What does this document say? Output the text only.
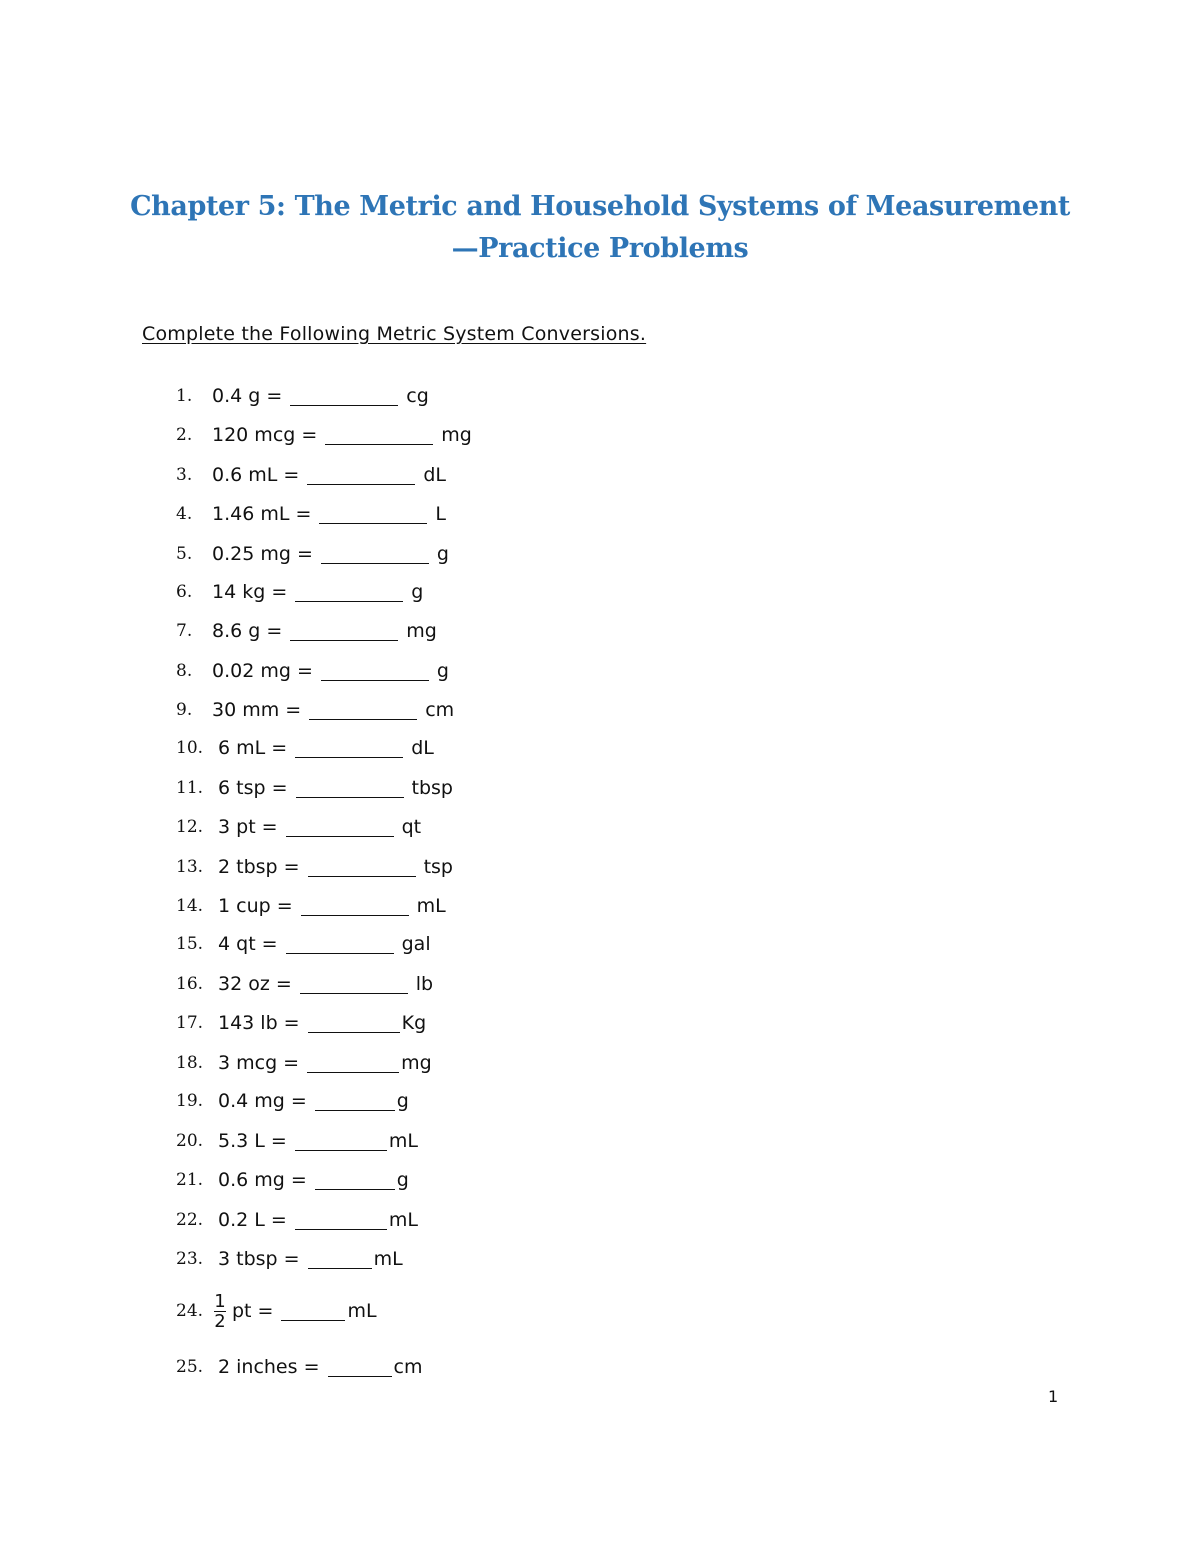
Chapter 5: The Metric and Household Systems of Measurement
—Practice Problems
Complete the Following Metric System Conversions.
1.	0.4 g =	cg
2.	120 mcg =	mg
3.	0.6 mL =	dL
4.	1.46 mL =	L
5.	0.25 mg =	g
6.	14 kg =	g
7.	8.6 g =	mg
8.	0.02 mg =	g
9.	30 mm =	cm
10. 6 mL =	dL
11. 6 tsp =	tbsp
12. 3 pt =	qt
13. 2 tbsp =	tsp
14. 1 cup =	mL
15. 4 qt =	gal
16. 32 oz =	lb
17. 143 lb =	Kg
18. 3 mcg =	mg
19. 0.4 mg =	g
20. 5.3 L =	mL
21. 0.6 mg =	g
22. 0.2 L =	mL
23. 3 tbsp =	mL
24. $\frac{1}{2}$ pt =	mL
25. 2 inches =	cm
1
